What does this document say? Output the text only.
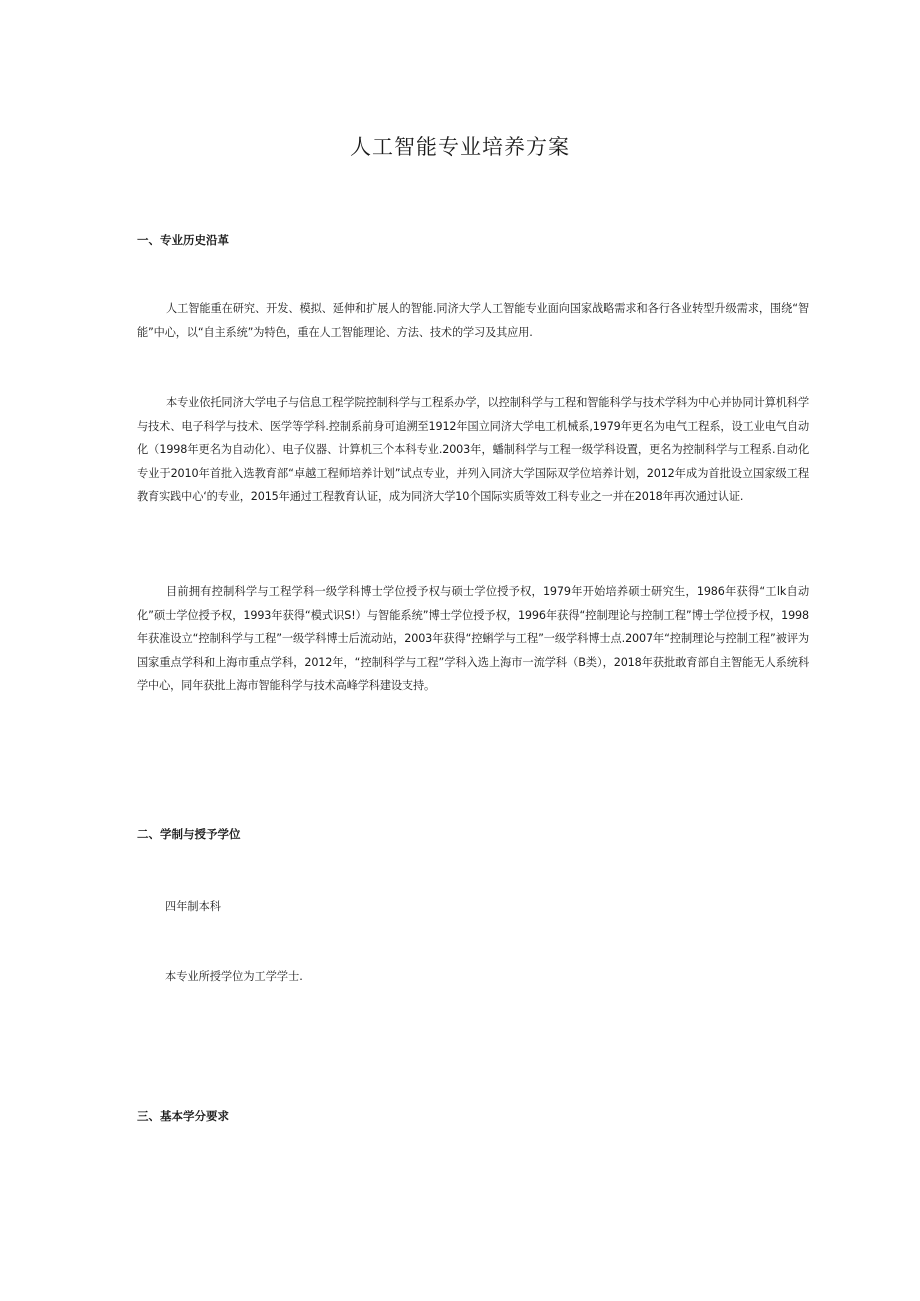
人工智能专业培养方案
一、专业历史沿革

人工智能重在研究、开发、模拟、延伸和扩展人的智能.同济大学人工智能专业面向国家战略需求和各行各业转型升级需求，围绕“智能”中心，以“自主系统”为特色，重在人工智能理论、方法、技术的学习及其应用.

本专业依托同济大学电子与信息工程学院控制科学与工程系办学，以控制科学与工程和智能科学与技术学科为中心并协同计算机科学与技术、电子科学与技术、医学等学科.控制系前身可追溯至1912年国立同济大学电工机械系,1979年更名为电气工程系，设工业电气自动化（1998年更名为自动化）、电子仪器、计算机三个本科专业.2003年，蟠制科学与工程一级学科设置，更名为控制科学与工程系.自动化专业于2010年首批入选教育部“卓越工程师培养计划”试点专业，并列入同济大学国际双学位培养计划，2012年成为首批设立国家级工程教育实践中心‘的专业，2015年通过工程教育认证，成为同济大学10个国际实质等效工科专业之一并在2018年再次通过认证.

目前拥有控制科学与工程学科一级学科博士学位授予权与硕士学位授予权，1979年开始培养硕士研究生，1986年获得“工lk自动化”硕士学位授予权，1993年获得“模式识S!）与智能系统”博士学位授予权，1996年获得“控制理论与控制工程”博士学位授予权，1998年获准设立“控制科学与工程”一级学科博士后流动站，2003年获得“控蝌学与工程”一级学科博士点.2007年“控制理论与控制工程”被评为国家重点学科和上海市重点学科，2012年，“控制科学与工程”学科入选上海市一流学科（B类），2018年获批敢育部自主智能无人系统科学中心，同年获批上海市智能科学与技术高峰学科建设支持。

二、学制与授予学位

四年制本科

本专业所授学位为工学学士.

三、基本学分要求
